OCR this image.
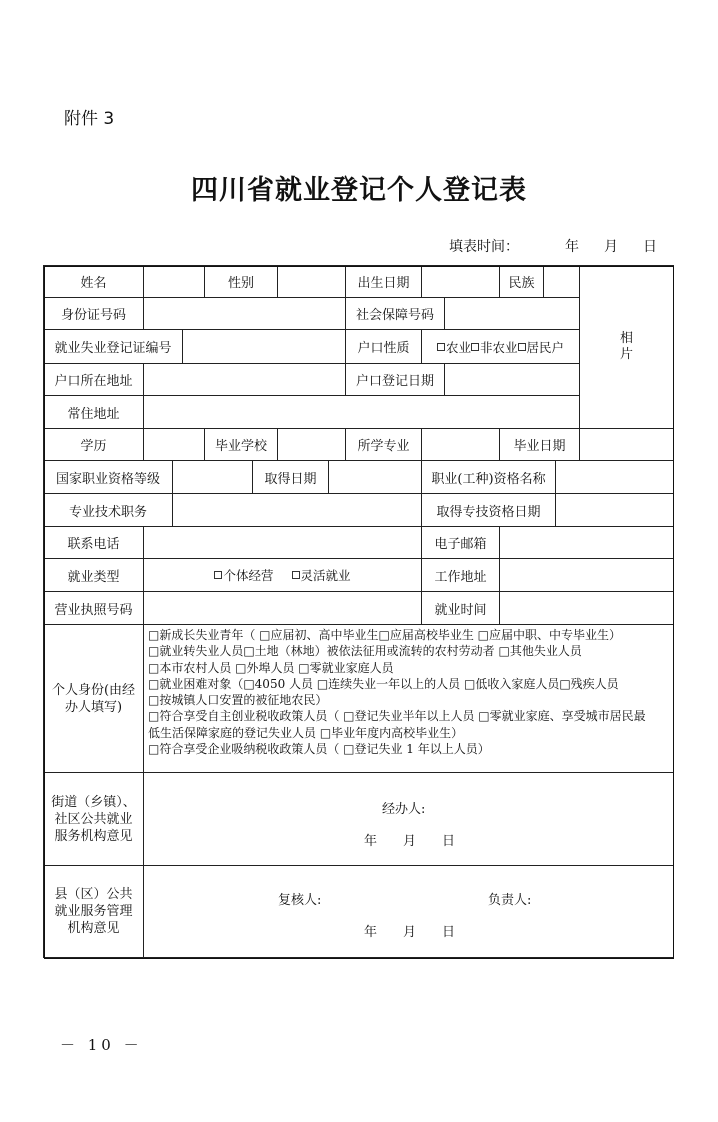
附件 3
四川省就业登记个人登记表
填表时间：	年 月 日
姓名	性别	出生日期	民族
相
片
身份证号码	社会保障号码
就业失业登记证编号	户口性质	农业 非农业 居民户
户口所在地址	户口登记日期
常住地址
学历	毕业学校	所学专业	毕业日期
国家职业资格等级	取得日期	职业(工种)资格名称
专业技术职务	取得专技资格日期
联系电话	电子邮箱
就业类型	个体经营	灵活就业	工作地址
营业执照号码	就业时间
个人身份(由经办人填写)
□新成长失业青年（ □应届初、高中毕业生□应届高校毕业生 □应届中职、中专毕业生）
□就业转失业人员□土地（林地）被依法征用或流转的农村劳动者 □其他失业人员
□本市农村人员 □外埠人员 □零就业家庭人员
□就业困难对象（□4050 人员 □连续失业一年以上的人员 □低收入家庭人员□残疾人员
□按城镇人口安置的被征地农民）
□符合享受自主创业税收政策人员（ □登记失业半年以上人员 □零就业家庭、享受城市居民最
低生活保障家庭的登记失业人员 □毕业年度内高校毕业生）
□符合享受企业吸纳税收政策人员（ □登记失业 1 年以上人员）
街道（乡镇）、社区公共就业服务机构意见
经办人:
年　　月　　日
县（区）公共就业服务管理机构意见
复核人:	负责人:
年　　月　　日
－ 10 －
